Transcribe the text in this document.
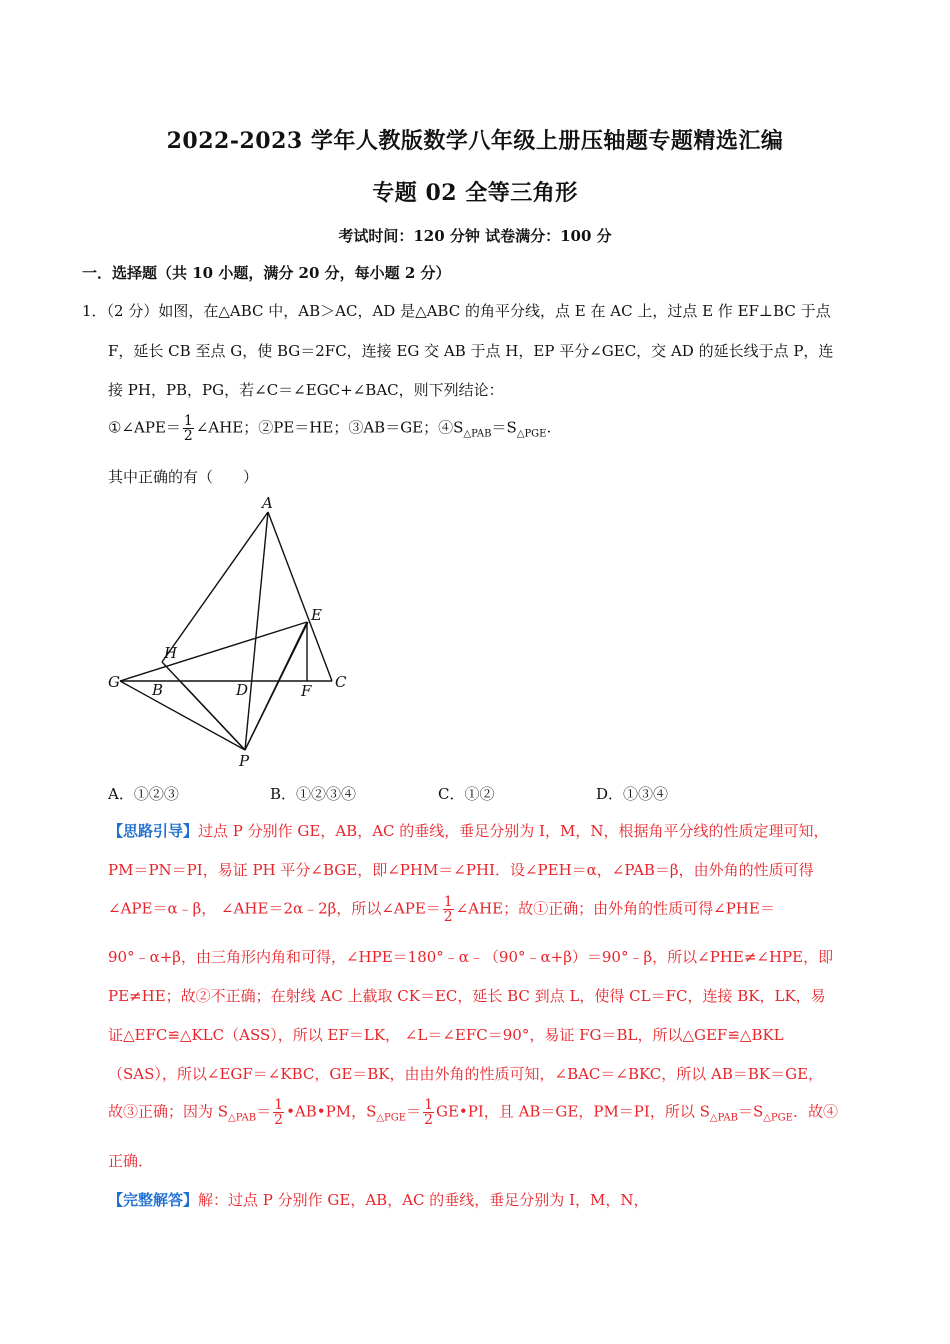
2022-2023 学年人教版数学八年级上册压轴题专题精选汇编
专题 02 全等三角形
考试时间：120 分钟 试卷满分：100 分
一．选择题（共 10 小题，满分 20 分，每小题 2 分）
1．（2 分）如图，在△ABC 中，AB＞AC，AD 是△ABC 的角平分线，点 E 在 AC 上，过点 E 作 EF⊥BC 于点
F，延长 CB 至点 G，使 BG＝2FC，连接 EG 交 AB 于点 H，EP 平分∠GEC，交 AD 的延长线于点 P，连
接 PH，PB，PG，若∠C＝∠EGC+∠BAC，则下列结论：
①∠APE＝ $\frac{1}{2}$ ∠AHE；②PE＝HE；③AB＝GE；$④S_{\triangle PAB}=S_{\triangle PGE}$.
其中正确的有（　　）
A
E
H
G B	D	F C
P
A．①②③	B．①②③④	C．①②	D．①③④
【思路引导】过点 P 分别作 GE，AB，AC 的垂线，垂足分别为 I，M，N，根据角平分线的性质定理可知，
PM＝PN＝PI，易证 PH 平分∠BGE，即∠PHM＝∠PHI．设∠PEH＝α，∠PAB＝β，由外角的性质可得
∠APE＝α﹣β， ∠AHE＝2α﹣2β，所以∠APE＝ $\frac{1}{2}$ ∠AHE；故①正确；由外角的性质可得∠PHE＝
90°﹣α+β，由三角形内角和可得，∠HPE＝180°﹣α﹣（90°﹣α+β）＝90°﹣β，所以∠PHE≠∠HPE，即
PE≠HE；故②不正确；在射线 AC 上截取 CK＝EC，延长 BC 到点 L，使得 CL＝FC，连接 BK，LK，易
证△EFC≌△KLC（ASS），所以 EF＝LK， ∠L＝∠EFC＝90°，易证 FG＝BL，所以△GEF≌△BKL
（SAS），所以∠EGF＝∠KBC，GE＝BK，由由外角的性质可知，∠BAC＝∠BKC，所以 AB＝BK＝GE，
故③正确；因为 $S_{\triangle PAB}= \frac{1}{2}$ •AB•PM，$S_{\triangle PGE}= \frac{1}{2}$ GE•PI，且 AB＝GE，PM＝PI，所以 $S_{\triangle PAB}=S_{\triangle PGE}$．故④
正确．
【完整解答】解：过点 P 分别作 GE，AB，AC 的垂线，垂足分别为 I，M，N，
